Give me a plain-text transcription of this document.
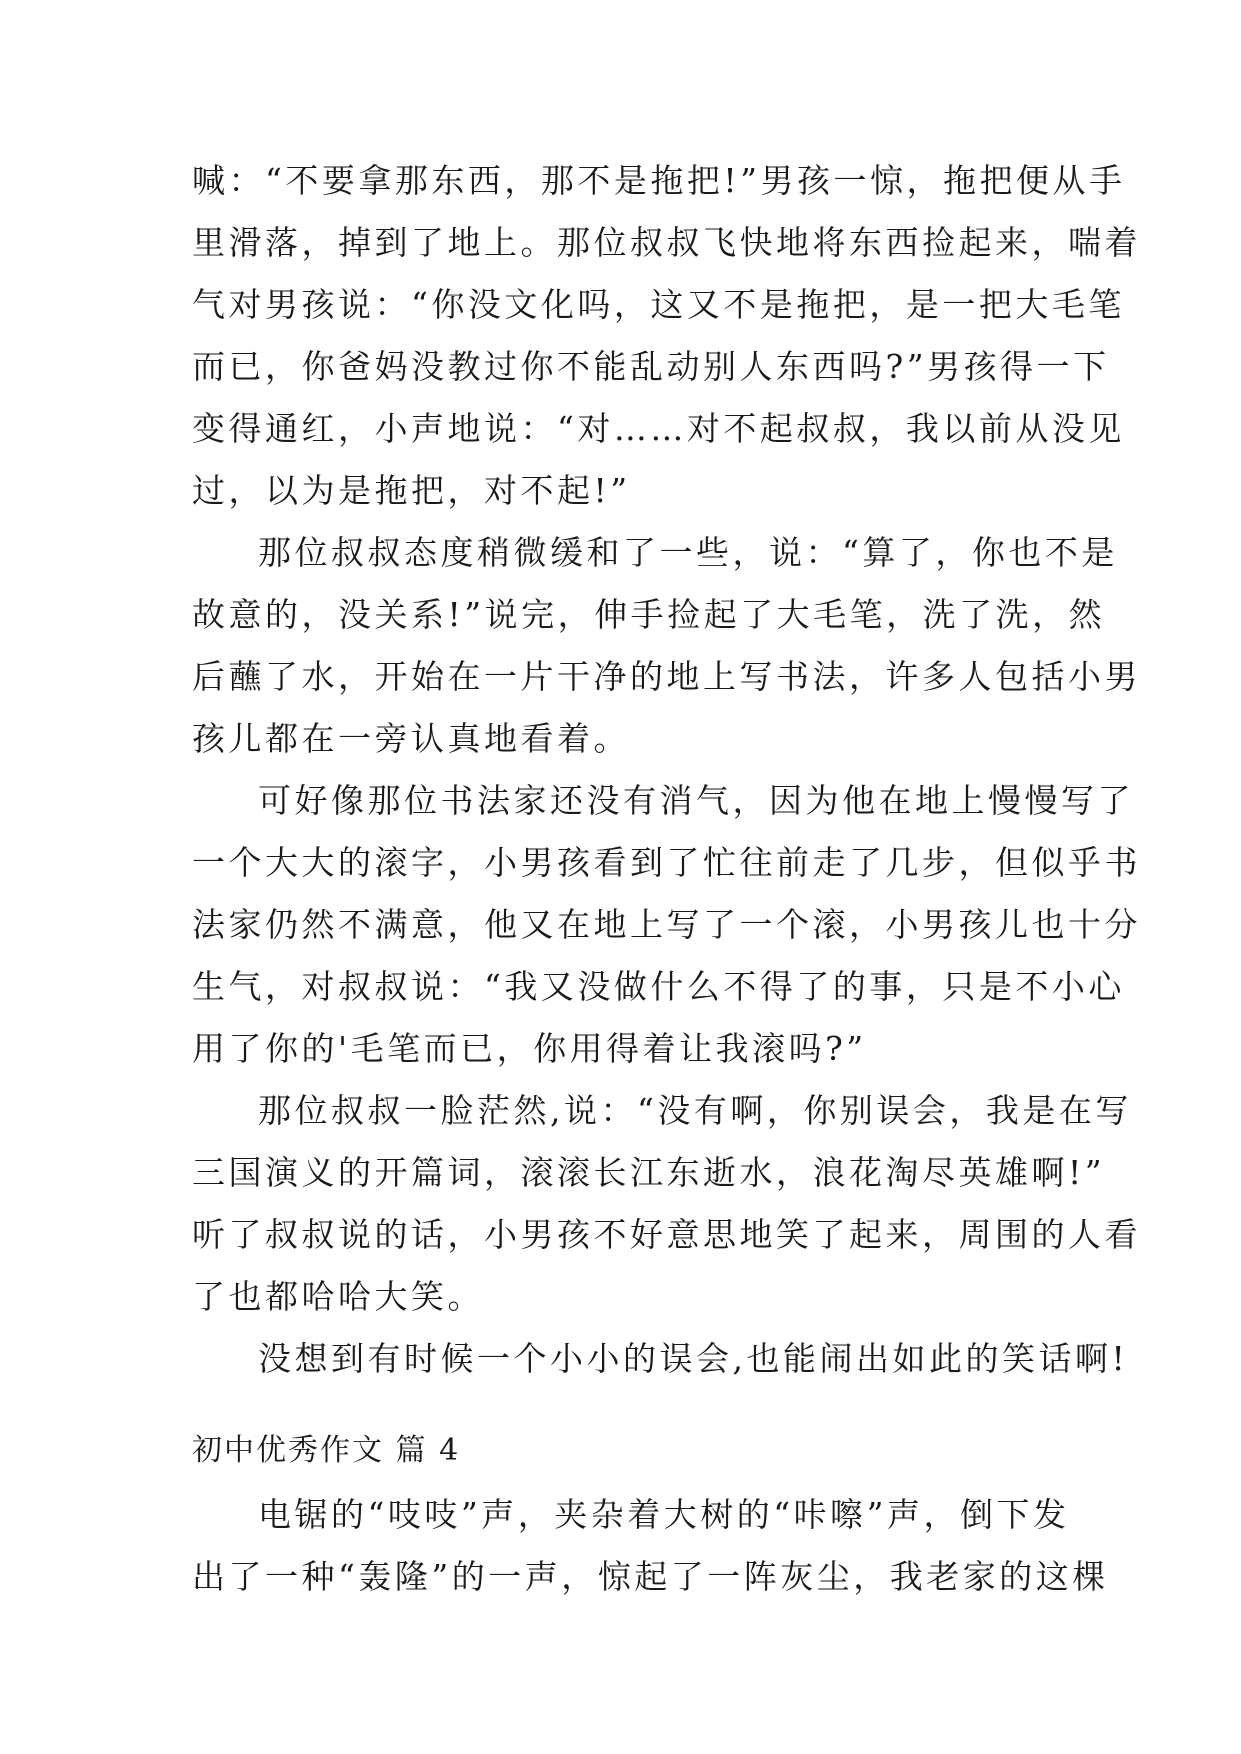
喊：“不要拿那东西，那不是拖把!”男孩一惊，拖把便从手
里滑落，掉到了地上。那位叔叔飞快地将东西捡起来，喘着
气对男孩说：“你没文化吗，这又不是拖把，是一把大毛笔
而已，你爸妈没教过你不能乱动别人东西吗?”男孩得一下
变得通红，小声地说：“对……对不起叔叔，我以前从没见
过，以为是拖把，对不起!”
那位叔叔态度稍微缓和了一些，说：“算了，你也不是
故意的，没关系!”说完，伸手捡起了大毛笔，洗了洗，然
后蘸了水，开始在一片干净的地上写书法，许多人包括小男
孩儿都在一旁认真地看着。
可好像那位书法家还没有消气，因为他在地上慢慢写了
一个大大的滚字，小男孩看到了忙往前走了几步，但似乎书
法家仍然不满意，他又在地上写了一个滚，小男孩儿也十分
生气，对叔叔说：“我又没做什么不得了的事，只是不小心
用了你的'毛笔而已，你用得着让我滚吗?”
那位叔叔一脸茫然,说：“没有啊，你别误会，我是在写
三国演义的开篇词，滚滚长江东逝水，浪花淘尽英雄啊!”
听了叔叔说的话，小男孩不好意思地笑了起来，周围的人看
了也都哈哈大笑。
没想到有时候一个小小的误会,也能闹出如此的笑话啊!
初中优秀作文 篇 4
电锯的“吱吱”声，夹杂着大树的“咔嚓”声，倒下发
出了一种“轰隆”的一声，惊起了一阵灰尘，我老家的这棵
